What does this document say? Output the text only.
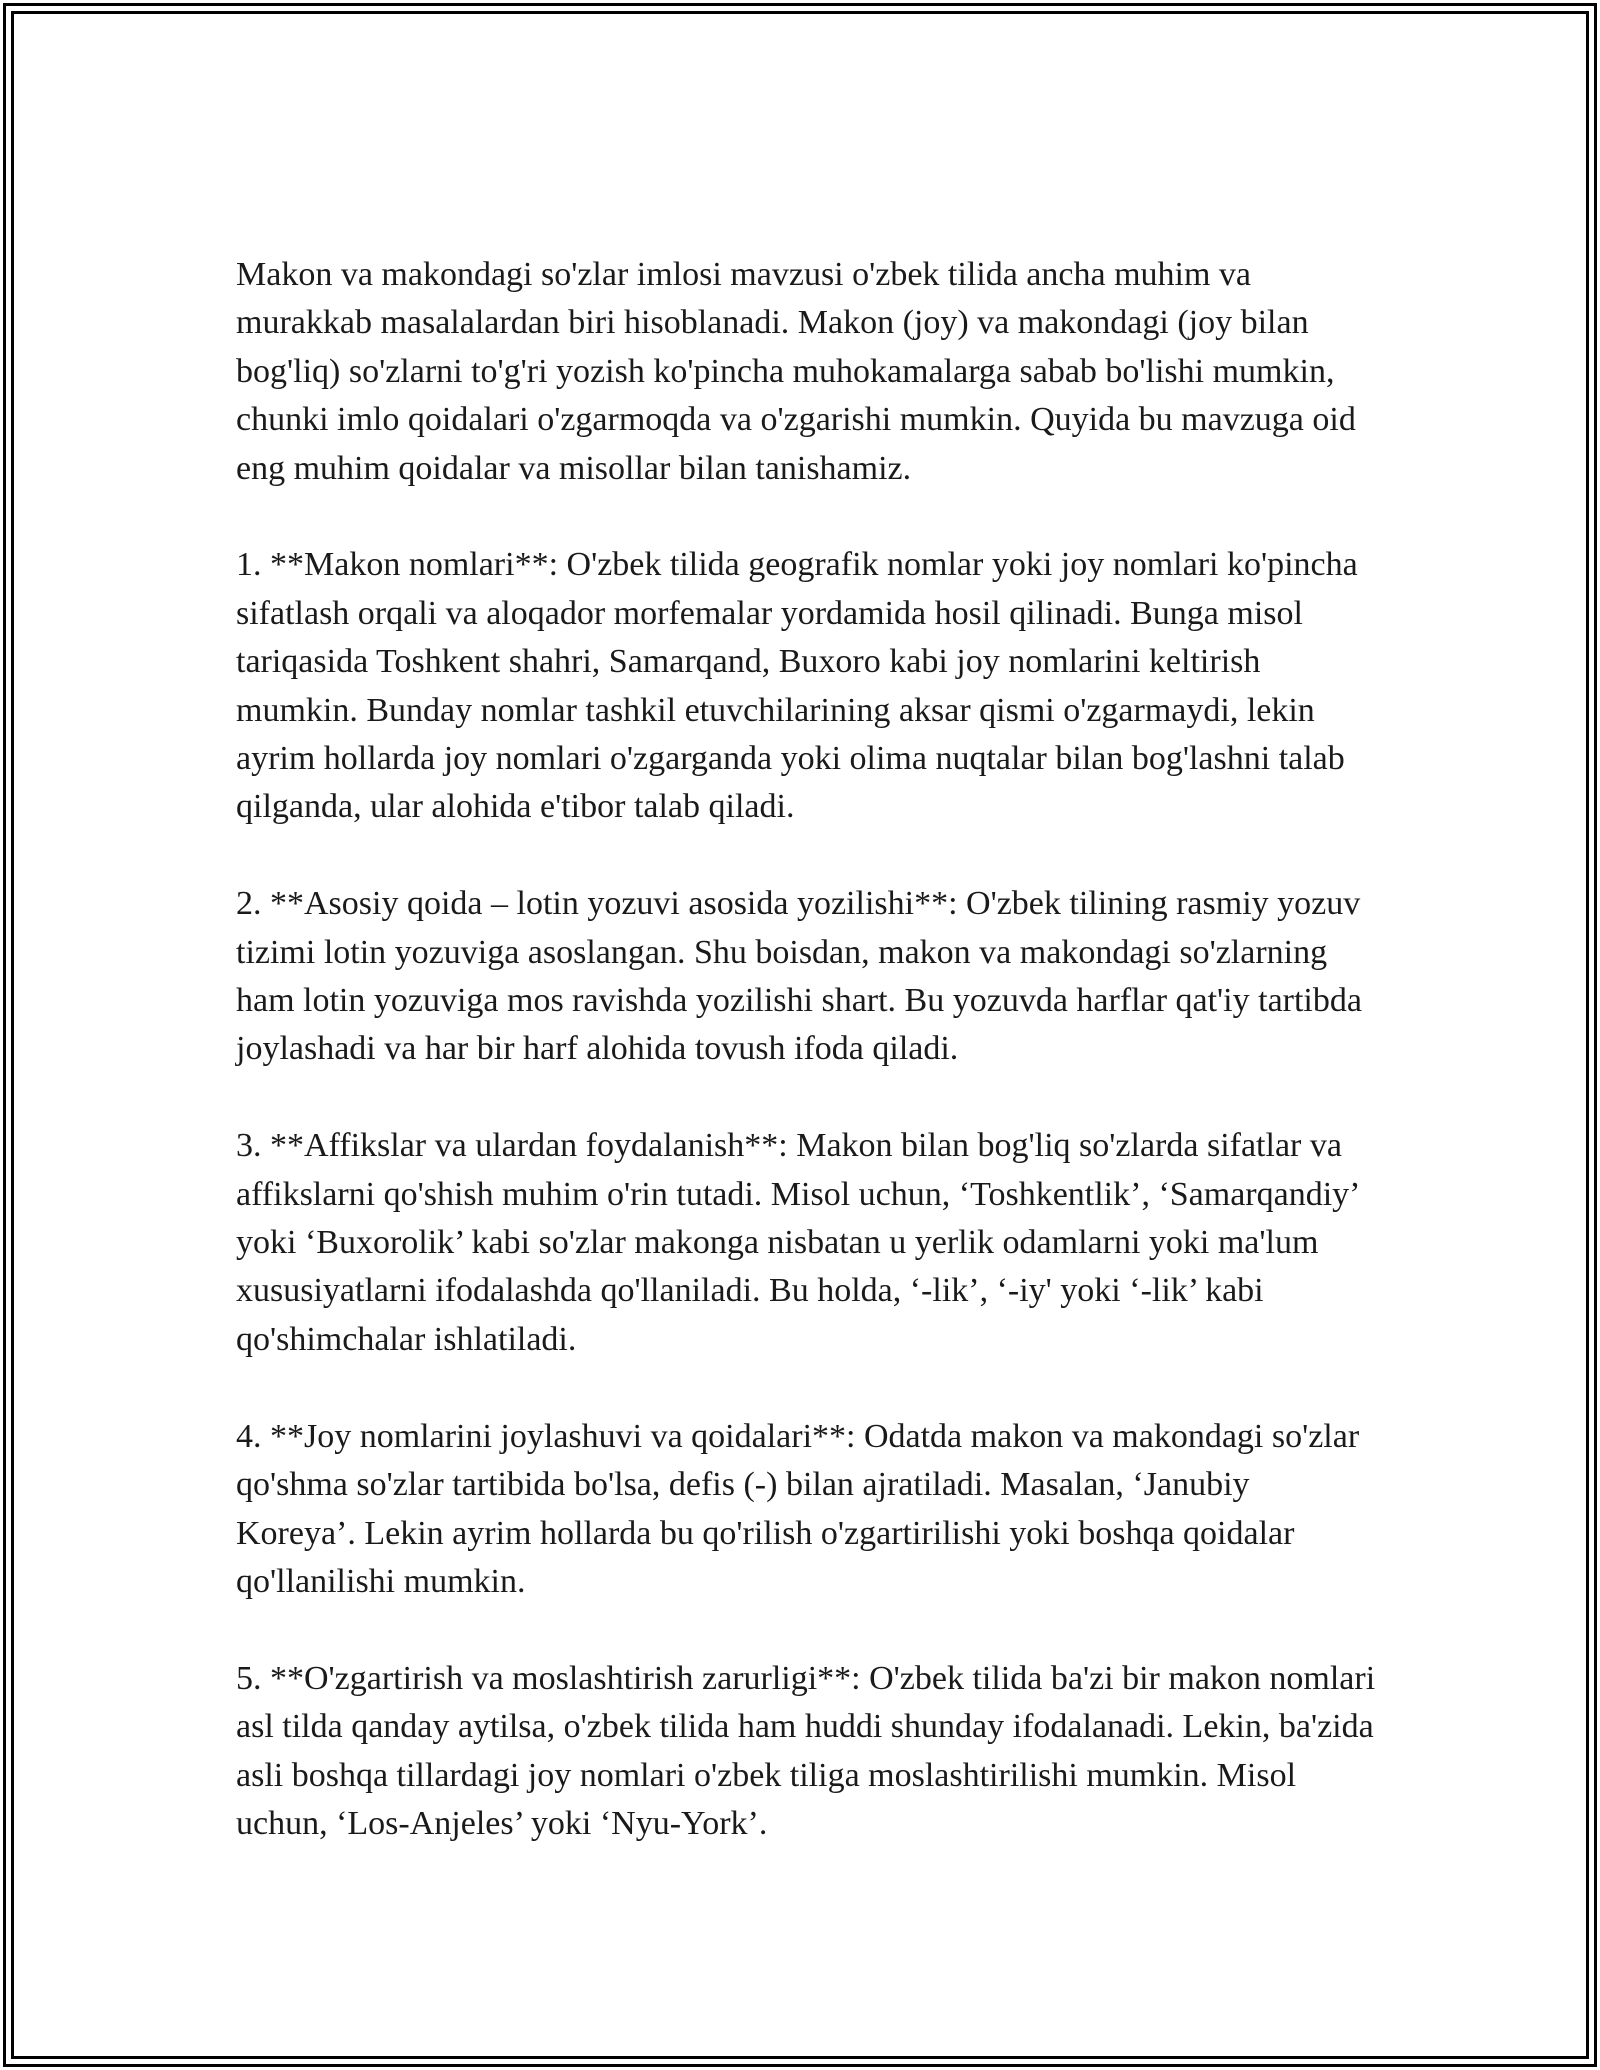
Makon va makondagi so'zlar imlosi mavzusi o'zbek tilida ancha muhim va murakkab masalalardan biri hisoblanadi. Makon (joy) va makondagi (joy bilan bog'liq) so'zlarni to'g'ri yozish ko'pincha muhokamalarga sabab bo'lishi mumkin, chunki imlo qoidalari o'zgarmoqda va o'zgarishi mumkin. Quyida bu mavzuga oid eng muhim qoidalar va misollar bilan tanishamiz.

1. **Makon nomlari**: O'zbek tilida geografik nomlar yoki joy nomlari ko'pincha sifatlash orqali va aloqador morfemalar yordamida hosil qilinadi. Bunga misol tariqasida Toshkent shahri, Samarqand, Buxoro kabi joy nomlarini keltirish mumkin. Bunday nomlar tashkil etuvchilarining aksar qismi o'zgarmaydi, lekin ayrim hollarda joy nomlari o'zgarganda yoki olima nuqtalar bilan bog'lashni talab qilganda, ular alohida e'tibor talab qiladi.

2. **Asosiy qoida – lotin yozuvi asosida yozilishi**: O'zbek tilining rasmiy yozuv tizimi lotin yozuviga asoslangan. Shu boisdan, makon va makondagi so'zlarning ham lotin yozuviga mos ravishda yozilishi shart. Bu yozuvda harflar qat'iy tartibda joylashadi va har bir harf alohida tovush ifoda qiladi.

3. **Affikslar va ulardan foydalanish**: Makon bilan bog'liq so'zlarda sifatlar va affikslarni qo'shish muhim o'rin tutadi. Misol uchun, ‘Toshkentlik’, ‘Samarqandiy’ yoki ‘Buxorolik’ kabi so'zlar makonga nisbatan u yerlik odamlarni yoki ma'lum xususiyatlarni ifodalashda qo'llaniladi. Bu holda, ‘-lik’, ‘-iy' yoki ‘-lik’ kabi qo'shimchalar ishlatiladi.

4. **Joy nomlarini joylashuvi va qoidalari**: Odatda makon va makondagi so'zlar qo'shma so'zlar tartibida bo'lsa, defis (-) bilan ajratiladi. Masalan, ‘Janubiy Koreya’. Lekin ayrim hollarda bu qo'rilish o'zgartirilishi yoki boshqa qoidalar qo'llanilishi mumkin.

5. **O'zgartirish va moslashtirish zarurligi**: O'zbek tilida ba'zi bir makon nomlari asl tilda qanday aytilsa, o'zbek tilida ham huddi shunday ifodalanadi. Lekin, ba'zida asli boshqa tillardagi joy nomlari o'zbek tiliga moslashtirilishi mumkin. Misol uchun, ‘Los-Anjeles’ yoki ‘Nyu-York’.
